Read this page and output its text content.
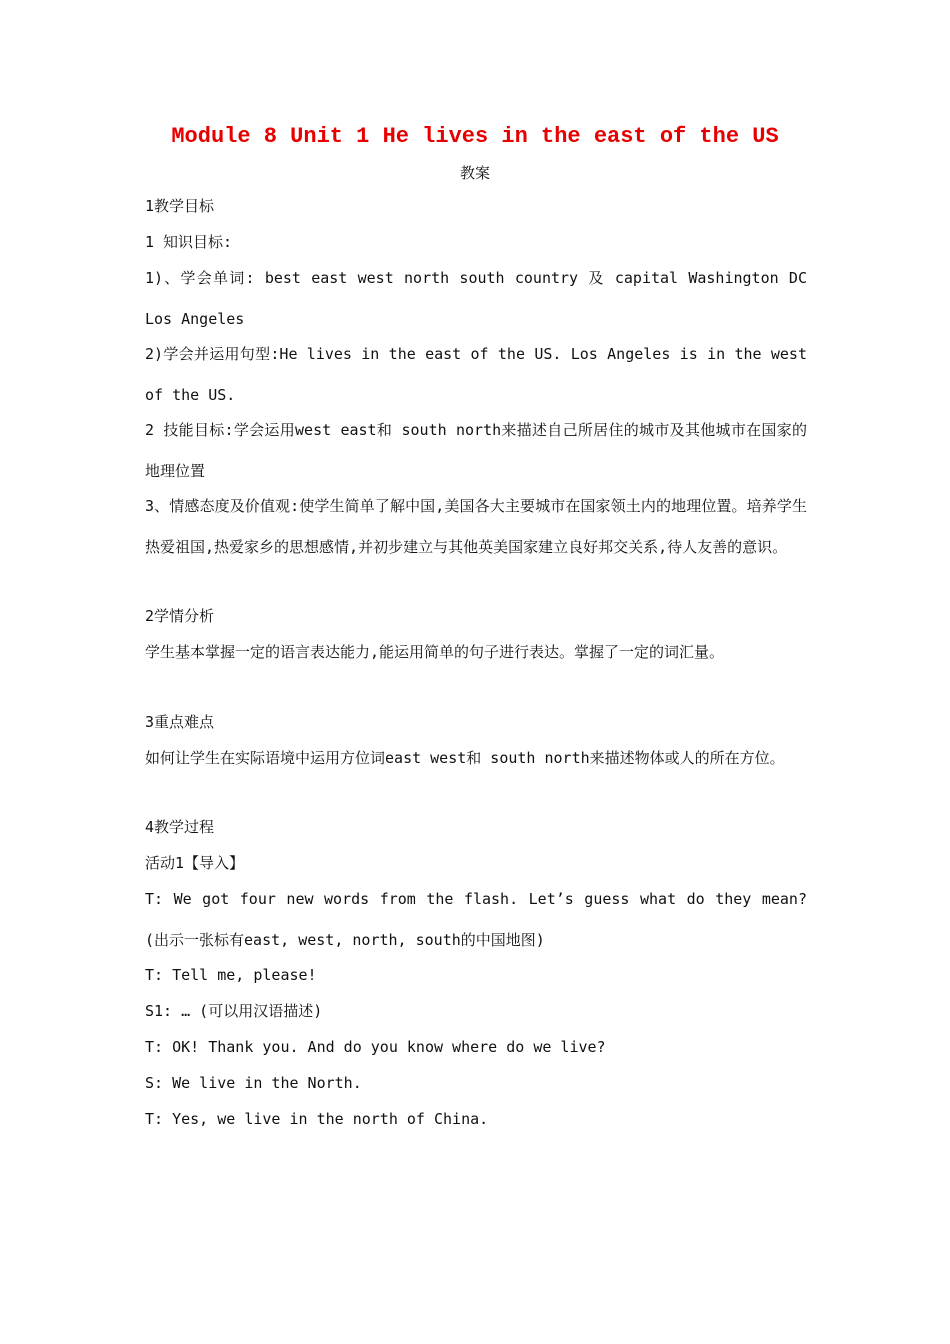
Module 8 Unit 1 He lives in the east of the US
教案
1教学目标
1 知识目标:
1)、学会单词: best east west north south country 及 capital Washington DC Los Angeles
2)学会并运用句型:He lives in the east of the US. Los Angeles is in the west of the US.
2 技能目标:学会运用west east和 south north来描述自己所居住的城市及其他城市在国家的地理位置
3、情感态度及价值观:使学生简单了解中国,美国各大主要城市在国家领土内的地理位置。培养学生热爱祖国,热爱家乡的思想感情,并初步建立与其他英美国家建立良好邦交关系,待人友善的意识。
2学情分析
学生基本掌握一定的语言表达能力,能运用简单的句子进行表达。掌握了一定的词汇量。
3重点难点
如何让学生在实际语境中运用方位词east west和 south north来描述物体或人的所在方位。
4教学过程
活动1【导入】
T: We got four new words from the flash. Let’s guess what do they mean?(出示一张标有east, west, north, south的中国地图)
T: Tell me, please!
S1: … (可以用汉语描述)
T: OK! Thank you. And do you know where do we live?
S: We live in the North.
T: Yes, we live in the north of China.
